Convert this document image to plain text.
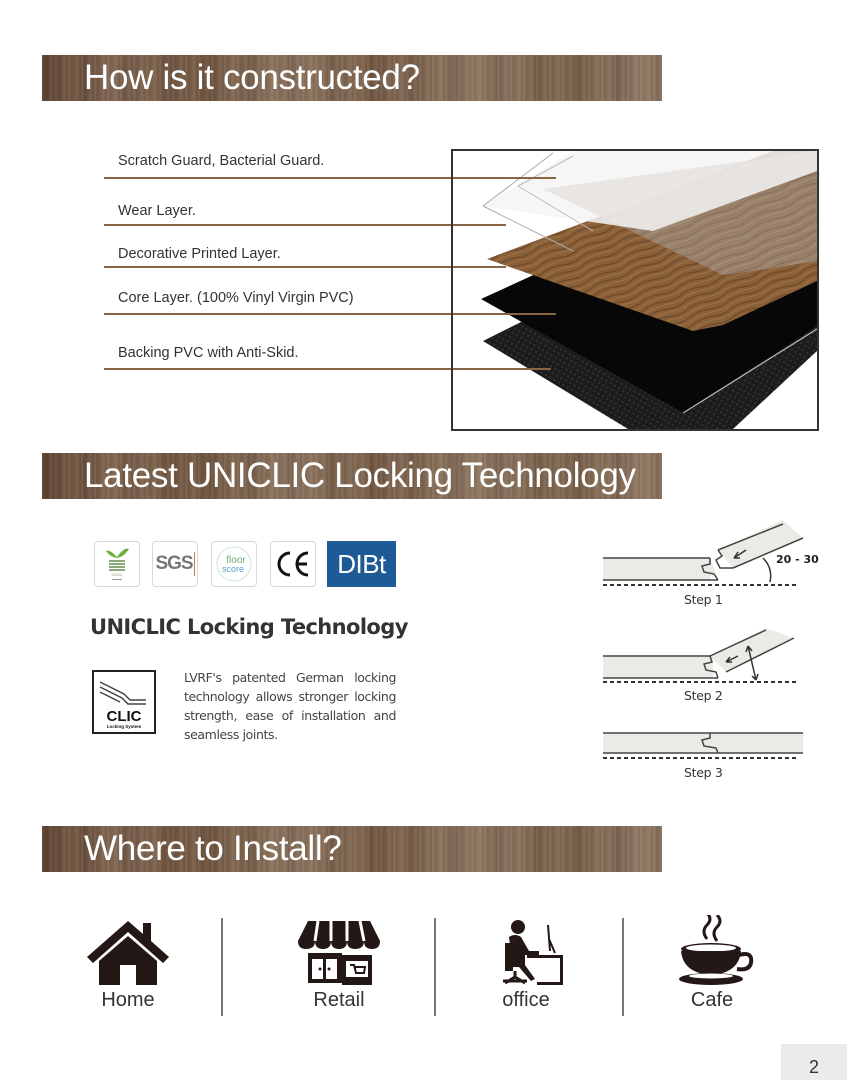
How is it constructed?
Scratch Guard, Bacterial Guard.
Wear Layer.
Decorative Printed Layer.
Core Layer. (100% Vinyl Virgin PVC)
Backing PVC with Anti-Skid.
Latest UNICLIC Locking Technology
SGBC
SGS	floor
score	DIBt
UNICLIC Locking Technology
CLIC
Locking System
LVRF's patented German locking technology allows stronger locking strength, ease of installation and seamless joints.
20 - 30
Step 1
Step 2
Step 3
Where to Install?
Home	Retail	office	Cafe
2
